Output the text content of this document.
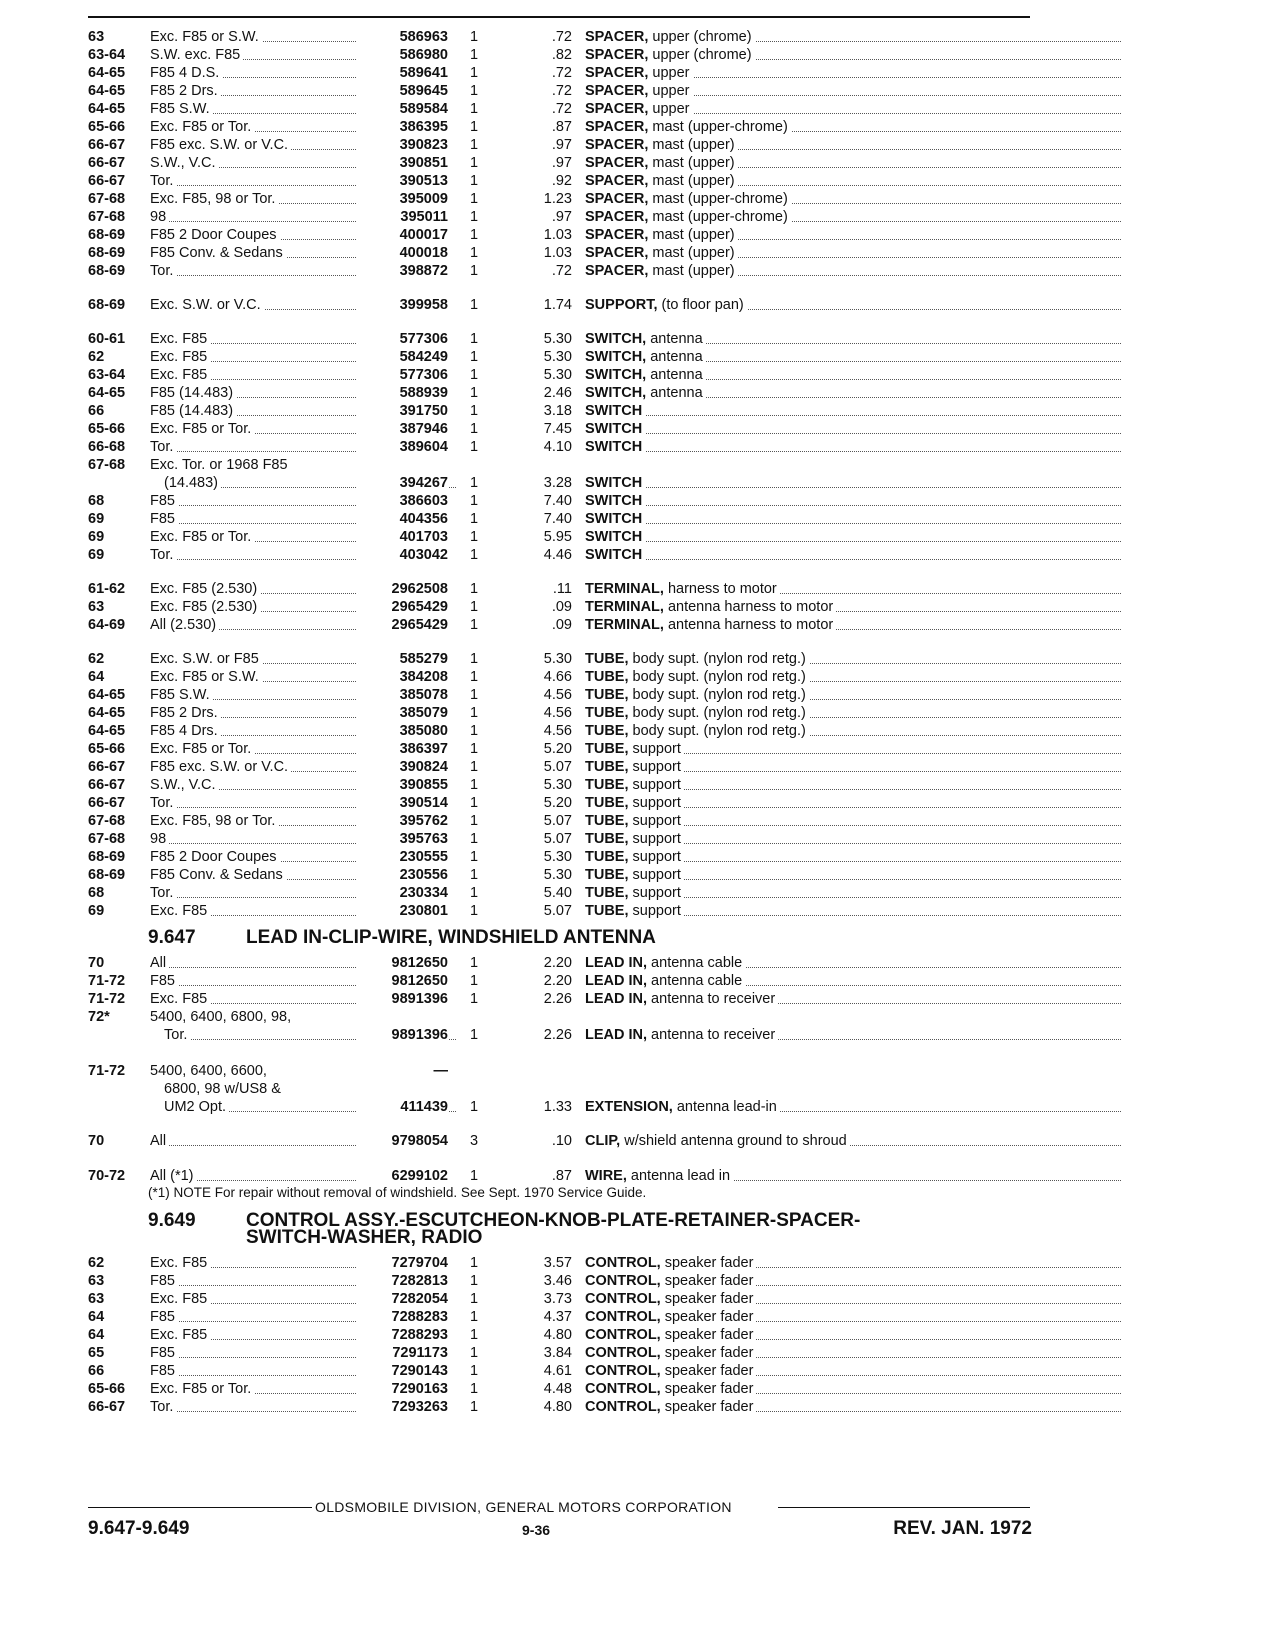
63	Exc. F85 or S.W.	586963 1	.72 SPACER, upper (chrome)
63-64	S.W. exc. F85	586980 1	.82 SPACER, upper (chrome)
64-65	F85 4 D.S.	589641 1	.72 SPACER, upper
64-65	F85 2 Drs.	589645 1	.72 SPACER, upper
64-65	F85 S.W.	589584 1	.72 SPACER, upper
65-66	Exc. F85 or Tor.	386395 1	.87 SPACER, mast (upper-chrome)
66-67	F85 exc. S.W. or V.C.	390823 1	.97 SPACER, mast (upper)
66-67	S.W., V.C.	390851 1	.97 SPACER, mast (upper)
66-67	Tor.	390513 1	.92 SPACER, mast (upper)
67-68	Exc. F85, 98 or Tor.	395009 1	1.23 SPACER, mast (upper-chrome)
67-68	98	395011 1	.97 SPACER, mast (upper-chrome)
68-69	F85 2 Door Coupes	400017 1	1.03 SPACER, mast (upper)
68-69	F85 Conv. & Sedans	400018 1	1.03 SPACER, mast (upper)
68-69	Tor.	398872 1	.72 SPACER, mast (upper)
68-69	Exc. S.W. or V.C.	399958 1	1.74 SUPPORT, (to floor pan)
60-61	Exc. F85	577306 1	5.30 SWITCH, antenna
62	Exc. F85	584249 1	5.30 SWITCH, antenna
63-64	Exc. F85	577306 1	5.30 SWITCH, antenna
64-65	F85 (14.483)	588939 1	2.46 SWITCH, antenna
66	F85 (14.483)	391750 1	3.18 SWITCH
65-66	Exc. F85 or Tor.	387946 1	7.45 SWITCH
66-68	Tor.	389604 1	4.10 SWITCH
67-68	Exc. Tor. or 1968 F85
(14.483)	394267 1	3.28 SWITCH
68	F85	386603 1	7.40 SWITCH
69	F85	404356 1	7.40 SWITCH
69	Exc. F85 or Tor.	401703 1	5.95 SWITCH
69	Tor.	403042 1	4.46 SWITCH
61-62	Exc. F85 (2.530)	2962508 1	.11 TERMINAL, harness to motor
63	Exc. F85 (2.530)	2965429 1	.09 TERMINAL, antenna harness to motor
64-69	All (2.530)	2965429 1	.09 TERMINAL, antenna harness to motor
62	Exc. S.W. or F85	585279 1	5.30 TUBE, body supt. (nylon rod retg.)
64	Exc. F85 or S.W.	384208 1	4.66 TUBE, body supt. (nylon rod retg.)
64-65	F85 S.W.	385078 1	4.56 TUBE, body supt. (nylon rod retg.)
64-65	F85 2 Drs.	385079 1	4.56 TUBE, body supt. (nylon rod retg.)
64-65	F85 4 Drs.	385080 1	4.56 TUBE, body supt. (nylon rod retg.)
65-66	Exc. F85 or Tor.	386397 1	5.20 TUBE, support
66-67	F85 exc. S.W. or V.C.	390824 1	5.07 TUBE, support
66-67	S.W., V.C.	390855 1	5.30 TUBE, support
66-67	Tor.	390514 1	5.20 TUBE, support
67-68	Exc. F85, 98 or Tor.	395762 1	5.07 TUBE, support
67-68	98	395763 1	5.07 TUBE, support
68-69	F85 2 Door Coupes	230555 1	5.30 TUBE, support
68-69	F85 Conv. & Sedans	230556 1	5.30 TUBE, support
68	Tor.	230334 1	5.40 TUBE, support
69	Exc. F85	230801 1	5.07 TUBE, support
9.647	LEAD IN-CLIP-WIRE, WINDSHIELD ANTENNA
70	All	9812650 1	2.20 LEAD IN, antenna cable
71-72	F85	9812650 1	2.20 LEAD IN, antenna cable
71-72	Exc. F85	9891396 1	2.26 LEAD IN, antenna to receiver
72*	5400, 6400, 6800, 98,
Tor.	9891396 1	2.26 LEAD IN, antenna to receiver
71-72	5400, 6400, 6600,	—
6800, 98 w/US8 &
UM2 Opt.	411439 1	1.33 EXTENSION, antenna lead-in
70	All	9798054 3	.10 CLIP, w/shield antenna ground to shroud
70-72	All (*1)	6299102 1	.87 WIRE, antenna lead in
(*1) NOTE For repair without removal of windshield. See Sept. 1970 Service Guide.
9.649	CONTROL ASSY.-ESCUTCHEON-KNOB-PLATE-RETAINER-SPACER-
SWITCH-WASHER, RADIO
62	Exc. F85	7279704 1	3.57 CONTROL, speaker fader
63	F85	7282813 1	3.46 CONTROL, speaker fader
63	Exc. F85	7282054 1	3.73 CONTROL, speaker fader
64	F85	7288283 1	4.37 CONTROL, speaker fader
64	Exc. F85	7288293 1	4.80 CONTROL, speaker fader
65	F85	7291173 1	3.84 CONTROL, speaker fader
66	F85	7290143 1	4.61 CONTROL, speaker fader
65-66	Exc. F85 or Tor.	7290163 1	4.48 CONTROL, speaker fader
66-67	Tor.	7293263 1	4.80 CONTROL, speaker fader
OLDSMOBILE DIVISION, GENERAL MOTORS CORPORATION
9.647-9.649	9-36	REV. JAN. 1972
